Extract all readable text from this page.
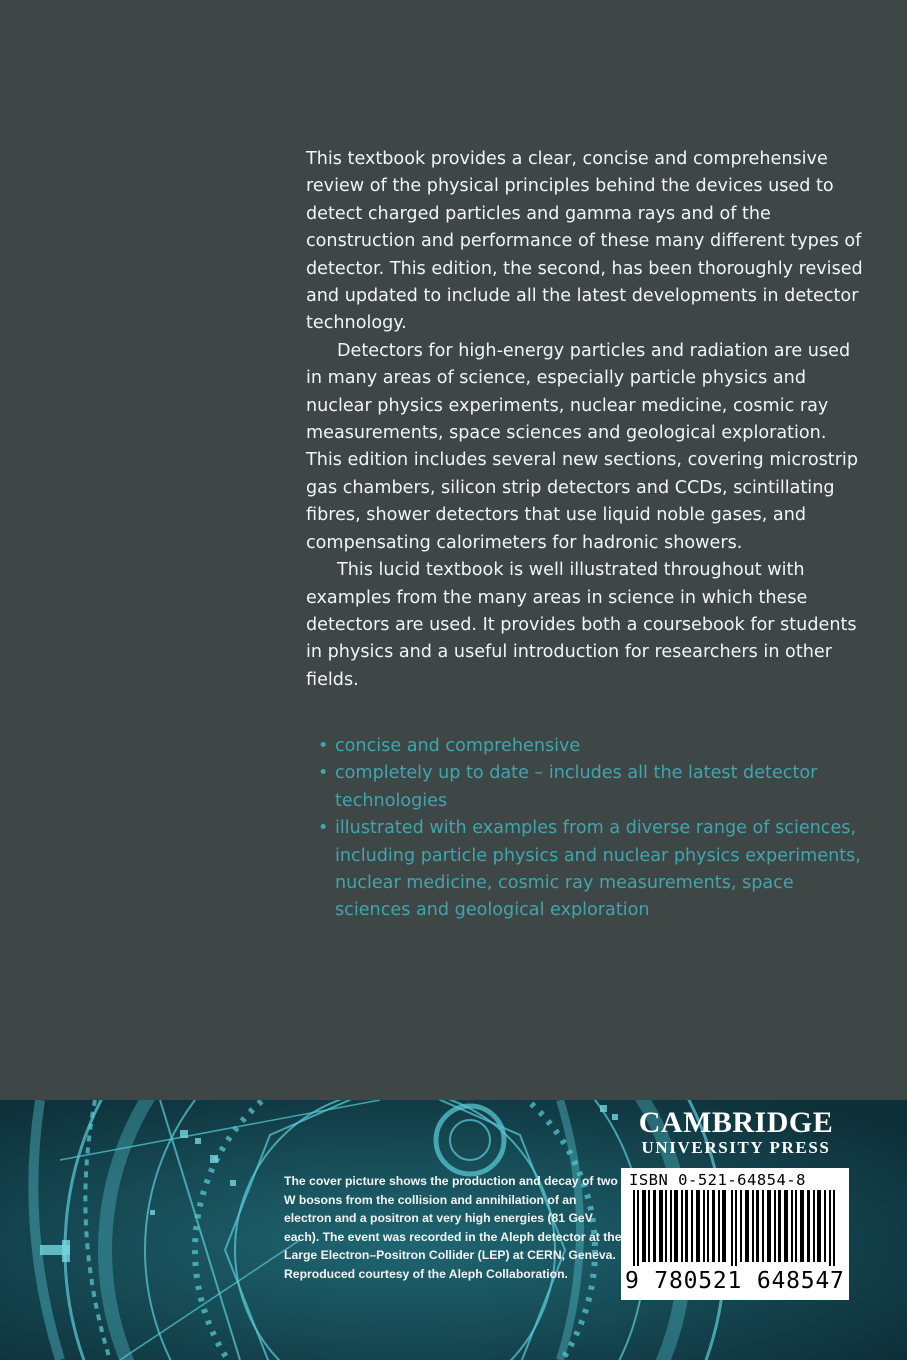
This textbook provides a clear, concise and comprehensive review of the physical principles behind the devices used to detect charged particles and gamma rays and of the construction and performance of these many different types of detector. This edition, the second, has been thoroughly revised and updated to include all the latest developments in detector technology.

Detectors for high-energy particles and radiation are used in many areas of science, especially particle physics and nuclear physics experiments, nuclear medicine, cosmic ray measurements, space sciences and geological exploration. This edition includes several new sections, covering microstrip gas chambers, silicon strip detectors and CCDs, scintillating fibres, shower detectors that use liquid noble gases, and compensating calorimeters for hadronic showers.

This lucid textbook is well illustrated throughout with examples from the many areas in science in which these detectors are used. It provides both a coursebook for students in physics and a useful introduction for researchers in other fields.

• concise and comprehensive
• completely up to date – includes all the latest detector technologies
• illustrated with examples from a diverse range of sciences, including particle physics and nuclear physics experiments, nuclear medicine, cosmic ray measurements, space sciences and geological exploration
The cover picture shows the production and decay of two W bosons from the collision and annihilation of an electron and a positron at very high energies (81 GeV each). The event was recorded in the Aleph detector at the Large Electron–Positron Collider (LEP) at CERN, Geneva. Reproduced courtesy of the Aleph Collaboration.
CAMBRIDGE
UNIVERSITY PRESS
ISBN 0-521-64854-8
9 780521 648547
